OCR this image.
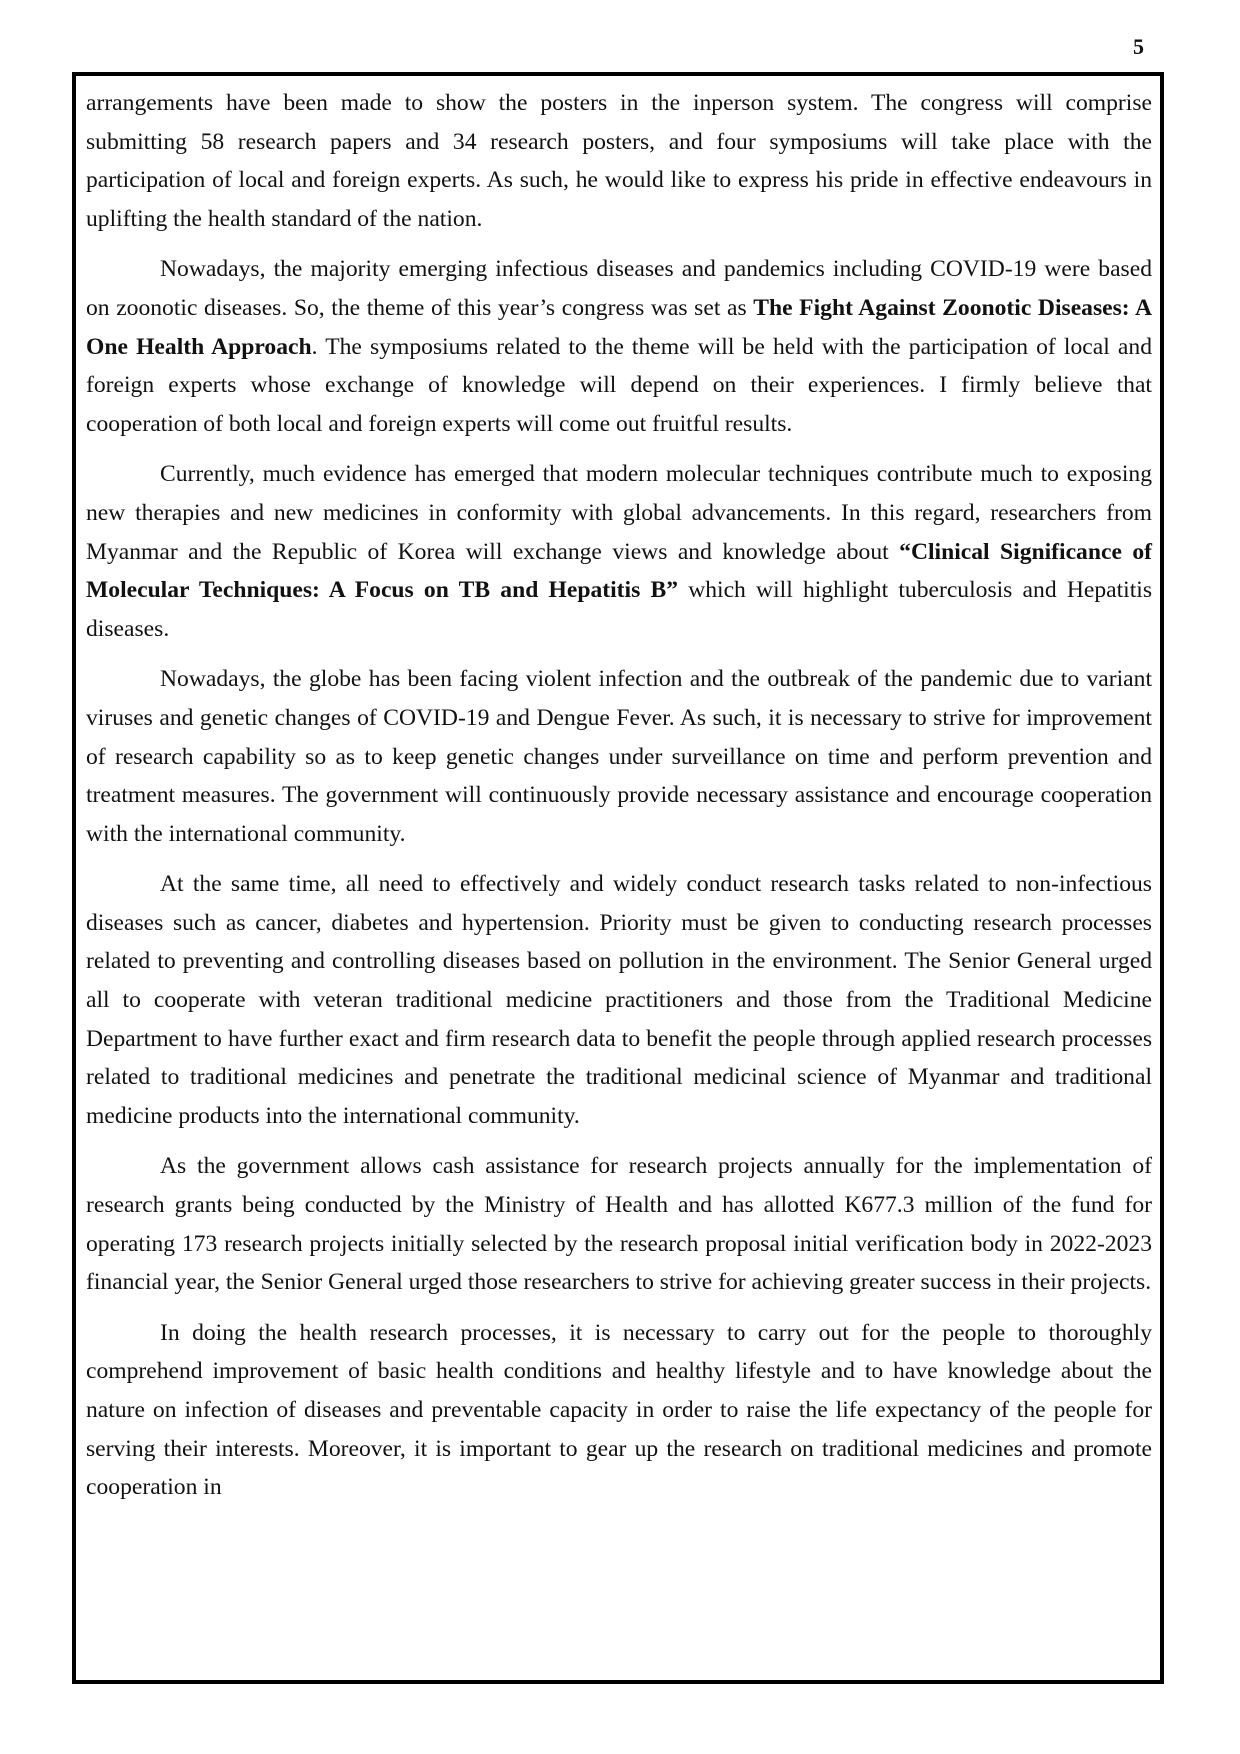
5

arrangements have been made to show the posters in the inperson system. The congress will comprise submitting 58 research papers and 34 research posters, and four symposiums will take place with the participation of local and foreign experts. As such, he would like to express his pride in effective endeavours in uplifting the health standard of the nation.

Nowadays, the majority emerging infectious diseases and pandemics including COVID-19 were based on zoonotic diseases. So, the theme of this year’s congress was set as The Fight Against Zoonotic Diseases: A One Health Approach. The symposiums related to the theme will be held with the participation of local and foreign experts whose exchange of knowledge will depend on their experiences. I firmly believe that cooperation of both local and foreign experts will come out fruitful results.

Currently, much evidence has emerged that modern molecular techniques contribute much to exposing new therapies and new medicines in conformity with global advancements. In this regard, researchers from Myanmar and the Republic of Korea will exchange views and knowledge about “Clinical Significance of Molecular Techniques: A Focus on TB and Hepatitis B” which will highlight tuberculosis and Hepatitis diseases.

Nowadays, the globe has been facing violent infection and the outbreak of the pandemic due to variant viruses and genetic changes of COVID-19 and Dengue Fever. As such, it is necessary to strive for improvement of research capability so as to keep genetic changes under surveillance on time and perform prevention and treatment measures. The government will continuously provide necessary assistance and encourage cooperation with the international community.

At the same time, all need to effectively and widely conduct research tasks related to non-infectious diseases such as cancer, diabetes and hypertension. Priority must be given to conducting research processes related to preventing and controlling diseases based on pollution in the environment. The Senior General urged all to cooperate with veteran traditional medicine practitioners and those from the Traditional Medicine Department to have further exact and firm research data to benefit the people through applied research processes related to traditional medicines and penetrate the traditional medicinal science of Myanmar and traditional medicine products into the international community.

As the government allows cash assistance for research projects annually for the implementation of research grants being conducted by the Ministry of Health and has allotted K677.3 million of the fund for operating 173 research projects initially selected by the research proposal initial verification body in 2022-2023 financial year, the Senior General urged those researchers to strive for achieving greater success in their projects.

In doing the health research processes, it is necessary to carry out for the people to thoroughly comprehend improvement of basic health conditions and healthy lifestyle and to have knowledge about the nature on infection of diseases and preventable capacity in order to raise the life expectancy of the people for serving their interests. Moreover, it is important to gear up the research on traditional medicines and promote cooperation in
